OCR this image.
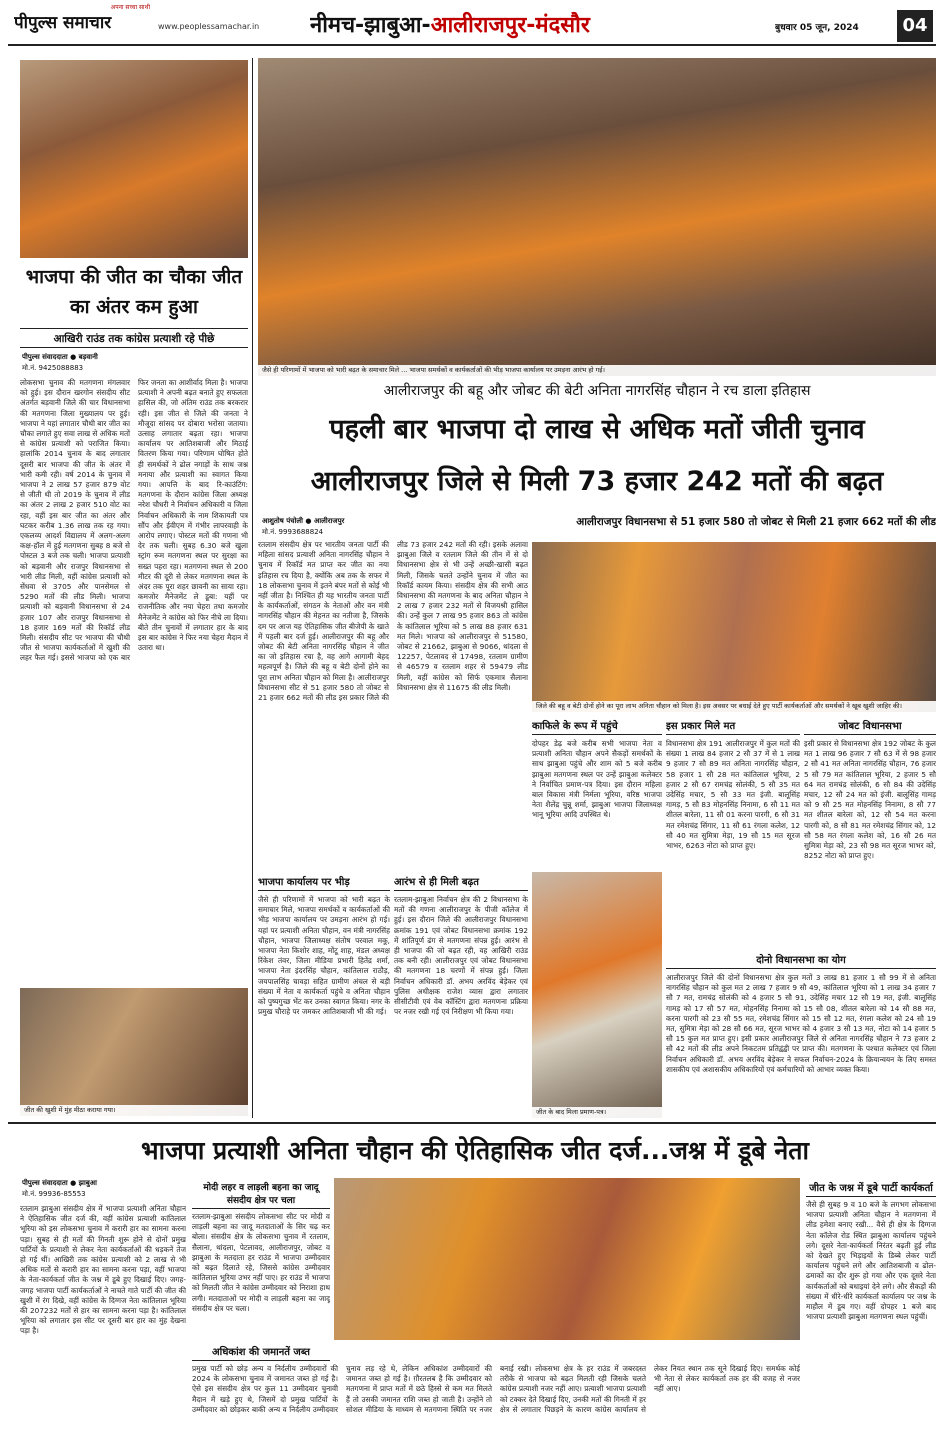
पीपुल्स समाचार
अपना सच्चा साथी
www.peoplessamachar.in	नीमच-झाबुआ-आलीराजपुर-मंदसौर	बुधवार 05 जून, 2024	04
भाजपा की जीत का चौका जीत का अंतर कम हुआ
आखिरी राउंड तक कांग्रेस प्रत्याशी रहे पीछे
पीपुल्स संवाददाता ● बड़वानी
मो.नं. 9425088883
लोकसभा चुनाव की मतगणना मंगलवार को हुई। इस दौरान खरगोन संसदीय सीट अंतर्गत बड़वानी जिले की चार विधानसभा की मतगणना जिला मुख्यालय पर हुई। भाजपा ने यहां लगातार चौथी बार जीत का चौका लगाते हुए सवा लाख से अधिक मतों से कांग्रेस प्रत्याशी को पराजित किया। हालांकि 2014 चुनाव के बाद लगातार दूसरी बार भाजपा की जीत के अंतर में भारी कमी रही। वर्ष 2014 के चुनाव में भाजपा ने 2 लाख 57 हजार 879 वोट से जीती थी तो 2019 के चुनाव में लीड का अंतर 2 लाख 2 हजार 510 वोट का रहा, वहीं इस बार जीत का अंतर और घटकर करीब 1.36 लाख तक रह गया। एकलव्य आदर्श विद्यालय में अलग-अलग कक्ष-हॉल में हुई मतगणना सुबह 8 बजे से पोस्टल 3 बजे तक चली। भाजपा प्रत्याशी को बड़वानी और राजपुर विधानसभा से भारी लीड मिली, वहीं कांग्रेस प्रत्याशी को सेंधवा से 3705 और पानसेमल से 5290 मतों की लीड मिली। भाजपा प्रत्याशी को बड़वानी विधानसभा से 24 हजार 107 और राजपुर विधानसभा से 18 हजार 169 मतों की रिकॉर्ड लीड मिली। संसदीय सीट पर भाजपा की चौथी जीत से भाजपा कार्यकर्ताओं में खुशी की लहर फैल गई। इससे भाजपा को एक बार फिर जनता का आशीर्वाद मिला है। भाजपा प्रत्याशी ने अपनी बढ़त बनाते हुए सफलता हासिल की, जो अंतिम राउंड तक बरकरार रही। इस जीत से जिले की जनता ने मौजूदा सांसद पर दोबारा भरोसा जताया। उत्साह लगातार बढ़ता रहा। भाजपा कार्यालय पर आतिशबाजी और मिठाई वितरण किया गया। परिणाम घोषित होते ही समर्थकों ने ढोल नगाड़ों के साथ जश्न मनाया और प्रत्याशी का स्वागत किया गया। आपत्ति के बाद रि-काउंटिंग: मतगणना के दौरान कांग्रेस जिला अध्यक्ष नरेश चौधरी ने निर्वाचन अधिकारी व जिला निर्वाचन अधिकारी के नाम शिकायती पत्र सौंप और ईवीएम में गंभीर लापरवाही के आरोप लगाए। पोस्टल मतों की गणना भी देर तक चली। सुबह 6.30 बजे खुला स्ट्रांग रूम मतगणना स्थल पर सुरक्षा का सख्त पहरा रहा। मतगणना स्थल से 200 मीटर की दूरी से लेकर मतगणना स्थल के अंदर तक पूरा शहर छावनी का साया रहा। कमजोर मैनेजमेंट ले डूबा: यहीं पर राजनीतिक और नया चेहरा तथा कमजोर मैनेजमेंट ने कांग्रेस को फिर नीचे ला दिया। बीते तीन चुनावों में लगातार हार के बाद इस बार कांग्रेस ने फिर नया चेहरा मैदान में उतारा था।
जीत की खुशी में मुंह मीठा कराया गया।
जैसे ही परिणामों में भाजपा को भारी बढ़त के समाचार मिले ... भाजपा समर्थकों व कार्यकर्ताओं की भीड़ भाजपा कार्यालय पर उमड़ना आरंभ हो गई।
आलीराजपुर की बहू और जोबट की बेटी अनिता नागरसिंह चौहान ने रच डाला इतिहास
पहली बार भाजपा दो लाख से अधिक मतों जीती चुनाव
आलीराजपुर जिले से मिली 73 हजार 242 मतों की बढ़त
आलीराजपुर विधानसभा से 51 हजार 580 तो जोबट से मिली 21 हजार 662 मतों की लीड
आशुतोष पंचोली ● आलीराजपुर
मो.नं. 9993688824
रतलाम संसदीय क्षेत्र पर भारतीय जनता पार्टी की महिला सांसद प्रत्याशी अनिता नागरसिंह चौहान ने चुनाव में रिकॉर्ड मत प्राप्त कर जीत का नया इतिहास रच दिया है, क्योंकि अब तक के सफर में 18 लोकसभा चुनाव में इतने बंपर मतों से कोई भी नहीं जीता है। निश्चित ही यह भारतीय जनता पार्टी के कार्यकर्ताओं, संगठन के नेताओं और वन मंत्री नागरसिंह चौहान की मेहनत का नतीजा है, जिसके दम पर आज यह ऐतिहासिक जीत बीजेपी के खाते में पहली बार दर्ज हुई। आलीराजपुर की बहू और जोबट की बेटी अनिता नागरसिंह चौहान ने जीत का जो इतिहास रचा है, वह आगे आगामी बेहद महत्वपूर्ण है। जिले की बहू व बेटी दोनों होने का पूरा लाभ अनिता चौहान को मिला है। आलीराजपुर विधानसभा सीट से 51 हजार 580 तो जोबट से 21 हजार 662 मतों की लीड इस प्रकार जिले की लीड 73 हजार 242 मतों की रही। इसके अलावा झाबुआ जिले व रतलाम जिले की तीन में से दो विधानसभा क्षेत्र से भी उन्हें अच्छी-खासी बढ़त मिली, जिसके चलते उन्होंने चुनाव में जीत का रिकॉर्ड कायम किया। संसदीय क्षेत्र की सभी आठ विधानसभा की मतगणना के बाद अनिता चौहान ने 2 लाख 7 हजार 232 मतों से विजयश्री हासिल की। उन्हें कुल 7 लाख 95 हजार 863 तो कांग्रेस के कांतिलाल भूरिया को 5 लाख 88 हजार 631 मत मिले। भाजपा को आलीराजपुर से 51580, जोबट से 21662, झाबुआ से 9066, थांदला से 12257, पेटलावद से 17498, रतलाम ग्रामीण से 46579 व रतलाम शहर से 59479 लीड मिली, वहीं कांग्रेस को सिर्फ एकमात्र सैलाना विधानसभा क्षेत्र से 11675 की लीड मिली।
जिले की बहू व बेटी दोनों होने का पूरा लाभ अनिता चौहान को मिला है। इस अवसर पर बधाई देते हुए पार्टी कार्यकर्ताओं और समर्थकों ने खूब खुशी जाहिर की।
काफिले के रूप में पहुंचे
दोपहर डेढ़ बजे करीब सभी भाजपा नेता व प्रत्याशी अनिता चौहान अपने सैकड़ों समर्थकों के साथ झाबुआ पहुंचे और शाम को 5 बजे करीब झाबुआ मतगणना स्थल पर उन्हें झाबुआ कलेक्टर ने निर्वाचित प्रमाण-पत्र दिया। इस दौरान महिला बाल विकास मंत्री निर्मला भूरिया, वरिष्ठ भाजपा नेता शैलेंद्र चुन्नू शर्मा, झाबुआ भाजपा जिलाध्यक्ष भानू भूरिया आदि उपस्थित थे।
इस प्रकार मिले मत
विधानसभा क्षेत्र 191 आलीराजपुर में कुल मतों की संख्या 1 लाख 84 हजार 2 सौ 37 में से 1 लाख 9 हजार 7 सौ 89 मत अनिता नागरसिंह चौहान, 58 हजार 1 सौ 28 मत कांतिलाल भूरिया, 2 हजार 2 सौ 67 रामचंद्र सोलंकी, 5 सौ 35 मत उदेसिंह मचार, 5 सौ 33 मत इंजी. बालूसिंह गामड़, 5 सौ 83 मोहनसिंह निनामा, 6 सौ 11 मत शीतल बारेला, 11 सौ 01 करना पारगी, 6 सौ 31 मत रमेशचंद्र सिंगार, 11 सौ 61 रंगला कलेश, 12 सौ 40 मत सुमित्रा मेड़ा, 19 सौ 15 मत सूरज भाभर, 6263 नोटा को प्राप्त हुए।
जोबट विधानसभा
इसी प्रकार से विधानसभा क्षेत्र 192 जोबट के कुल मत 1 लाख 96 हजार 7 सौ 63 में से 98 हजार 2 सौ 41 मत अनिता नागरसिंह चौहान, 76 हजार 5 सौ 79 मत कांतिलाल भूरिया, 2 हजार 5 सौ 64 मत रामचंद्र सोलंकी, 6 सौ 84 की उदेसिंह मचार, 12 सौ 24 मत को इंजी. बालूसिंह गामड़ को 9 सौ 25 मत मोहनसिंह निनामा, 8 सौ 77 मत शीतल बारेला को, 12 सौ 54 मत करना पारगी को, 8 सौ 81 मत रमेशचंद्र सिंगार को, 12 सौ 58 मत रंगला कलेश को, 16 सौ 26 मत सुमित्रा मेड़ा को, 23 सौ 98 मत सूरज भाभर को, 8252 नोटा को प्राप्त हुए।
भाजपा कार्यालय पर भीड़
जैसे ही परिणामों में भाजपा को भारी बढ़त के समाचार मिले, भाजपा समर्थकों व कार्यकर्ताओं की भीड़ भाजपा कार्यालय पर उमड़ना आरंभ हो गई। यहां पर प्रत्याशी अनिता चौहान, वन मंत्री नागरसिंह चौहान, भाजपा जिलाध्यक्ष संतोष परवाल मकू, भाजपा नेता किशोर शाह, मोंटू शाह, मंडल अध्यक्ष रिंकेश तंवर, जिला मीडिया प्रभारी हितेंद्र शर्मा, भाजपा नेता इंदरसिंह चौहान, कांतिलाल राठौड़, जयपालसिंह चावड़ा सहित ग्रामीण अंचल से बड़ी संख्या में नेता व कार्यकर्ता पहुंचे व अनिता चौहान को पुष्पगुच्छ भेंट कर उनका स्वागत किया। नगर के प्रमुख चौराहे पर जमकर आतिशबाजी भी की गई।
आरंभ से ही मिली बढ़त
रतलाम-झाबुआ निर्वाचन क्षेत्र की 2 विधानसभा के मतों की गणना आलीराजपुर के पीजी कॉलेज में हुई। इस दौरान जिले की आलीराजपुर विधानसभा क्रमांक 191 एवं जोबट विधानसभा क्रमांक 192 में शांतिपूर्ण ढंग से मतगणना संपन्न हुई। आरंभ से ही भाजपा की जो बढ़त रही, वह आखिरी राउंड तक बनी रही। आलीराजपुर एवं जोबट विधानसभा की मतगणना 18 चरणों में संपन्न हुई। जिला निर्वाचन अधिकारी डॉ. अभय अरविंद बेड़ेकर एवं पुलिस अधीक्षक राजेश व्यास द्वारा लगातार सीसीटीवी एवं वेब कॉस्टिंग द्वारा मतगणना प्रक्रिया पर नजर रखी गई एवं निरीक्षण भी किया गया।
जीत के बाद मिला प्रमाण-पत्र।
दोनो विधानसभा का योग
आलीराजपुर जिले की दोनों विधानसभा क्षेत्र कुल मतों 3 लाख 81 हजार 1 सौ 99 में से अनिता नागरसिंह चौहान को कुल मत 2 लाख 7 हजार 9 सौ 49, कांतिलाल भूरिया को 1 लाख 34 हजार 7 सौ 7 मत, रामचंद्र सोलंकी को 4 हजार 5 सौ 91, उदेसिंह मचार 12 सौ 19 मत, इंजी. बालूसिंह गामड़ को 17 सौ 57 मत, मोहनसिंह निनामा को 15 सौ 08, शीतल बारेला को 14 सौ 88 मत, करना पारगी को 23 सौ 55 मत, रमेशचंद्र सिंगार को 15 सौ 12 मत, रंगला कलेश को 24 सौ 19 मत, सुमित्रा मेड़ा को 28 सौ 66 मत, सूरज भाभर को 4 हजार 3 सौ 13 मत, नोटा को 14 हजार 5 सौ 15 कुल मत प्राप्त हुए। इसी प्रकार आलीराजपुर जिले से अनिता नागरसिंह चौहान ने 73 हजार 2 सौ 42 मतों की लीड अपने निकटतम प्रतिद्वंद्वी पर प्राप्त की। मतगणना के पश्चात कलेक्टर एवं जिला निर्वाचन अधिकारी डॉ. अभय अरविंद बेड़ेकर ने सफल निर्वाचन-2024 के क्रियान्वयन के लिए समस्त शासकीय एवं अशासकीय अधिकारियों एवं कर्मचारियों को आभार व्यक्त किया।
भाजपा प्रत्याशी अनिता चौहान की ऐतिहासिक जीत दर्ज...जश्न में डूबे नेता
पीपुल्स संवाददाता ● झाबुआ
मो.नं. 99936-85553
रतलाम झाबुआ संसदीय क्षेत्र में भाजपा प्रत्याशी अनिता चौहान ने ऐतिहासिक जीत दर्ज की, वहीं कांग्रेस प्रत्याशी कांतिलाल भूरिया को इस लोकसभा चुनाव में करारी हार का सामना करना पड़ा। सुबह से ही मतों की गिनती शुरू होने से दोनों प्रमुख पार्टियों के प्रत्याशी से लेकर नेता कार्यकर्ताओं की धड़कनें तेज हो गई थीं। आखिरी तक कांग्रेस प्रत्याशी को 2 लाख से भी अधिक मतों से करारी हार का सामना करना पड़ा, वहीं भाजपा के नेता-कार्यकर्ता जीत के जश्न में डूबे हुए दिखाई दिए। जगह-जगह भाजपा पार्टी कार्यकर्ताओं ने नाचते गाते पार्टी की जीत की खुशी में रंग दिखे, वहीं कांग्रेस के दिग्गज नेता कांतिलाल भूरिया की 207232 मतों से हार का सामना करना पड़ा है। कांतिलाल भूरिया को लगातार इस सीट पर दूसरी बार हार का मुंह देखना पड़ा है।
मोदी लहर व लाड़ली बहना का जादू संसदीय क्षेत्र पर चला
रतलाम-झाबुआ संसदीय लोकसभा सीट पर मोदी व लाड़ली बहना का जादू मतदाताओं के सिर चढ़ कर बोला। संसदीय क्षेत्र के लोकसभा चुनाव में रतलाम, सैलाना, थांदला, पेटलावद, आलीराजपुर, जोबट व झाबुआ के मतदाता हर राउंड में भाजपा उम्मीदवार को बढ़त दिलाते रहे, जिससे कांग्रेस उम्मीदवार कांतिलाल भूरिया उभर नहीं पाए। हर राउंड में भाजपा को मिलती जीत ने कांग्रेस उम्मीदवार को निराशा हाथ लगी। मतदाताओं पर मोदी व लाड़ली बहना का जादू संसदीय क्षेत्र पर चला।
अधिकांश की जमानतें जब्त
प्रमुख पार्टी को छोड़ अन्य व निर्दलीय उम्मीदवारों की 2024 के लोकसभा चुनाव में जमानत जब्त हो गई है। ऐसे इस संसदीय क्षेत्र पर कुल 11 उम्मीदवार चुनावी मैदान में खड़े हुए थे, जिसमें दो प्रमुख पार्टियों के उम्मीदवार को छोड़कर बाकी अन्य व निर्दलीय उम्मीदवार चुनाव लड़ रहे थे, लेकिन अधिकांश उम्मीदवारों की जमानत जब्त हो गई है। ग़ौरतलब है कि उम्मीदवार को मतगणना में प्राप्त मतों में छठे हिस्से से कम मत मिलते हैं तो उसकी जमानत राशि जब्त हो जाती है। उन्होंने तो सोशल मीडिया के माध्यम से मतगणना स्थिति पर नजर बनाई रखी। लोकसभा क्षेत्र के हर राउंड में जबरदस्त तरीके से भाजपा को बढ़त मिलती रही जिसके चलते कांग्रेस प्रत्याशी नजर नहीं आए। प्रत्याशी भाजपा प्रत्याशी को टक्कर देते दिखाई दिए, उनकी मतों की गिनती में हर क्षेत्र से लगातार पिछड़ने के कारण कांग्रेस कार्यालय से लेकर नियत स्थान तक सूने दिखाई दिए। समर्थक कोई भी नेता से लेकर कार्यकर्ता तक हर की वजह से नजर नहीं आए।
जीत के जश्न में डूबे पार्टी कार्यकर्ता
जैसे ही सुबह 9 व 10 बजे के लगभग लोकसभा भाजपा प्रत्याशी अनिता चौहान ने मतगणना में लीड हमेशा बनाए रखी... वैसे ही क्षेत्र के दिग्गज नेता कॉलेज रोड स्थित झाबुआ कार्यालय पहुंचने लगे। दूसरे नेता-कार्यकर्ता निरंतर बढ़ती हुई लीड को देखते हुए भिड़ाइयों के डिब्बे लेकर पार्टी कार्यालय पहुंचने लगे और आतिशबाजी व ढोल-ढमाकों का दौर शुरू हो गया और एक दूसरे नेता कार्यकर्ताओं को बधाइयां देने लगे। और सैकड़ों की संख्या में धीरे-धीरे कार्यकर्ता कार्यालय पर जश्न के माहौल में डूब गए। वहीं दोपहर 1 बजे बाद भाजपा प्रत्याशी झाबुआ मतगणना स्थल पहुंचीं।
